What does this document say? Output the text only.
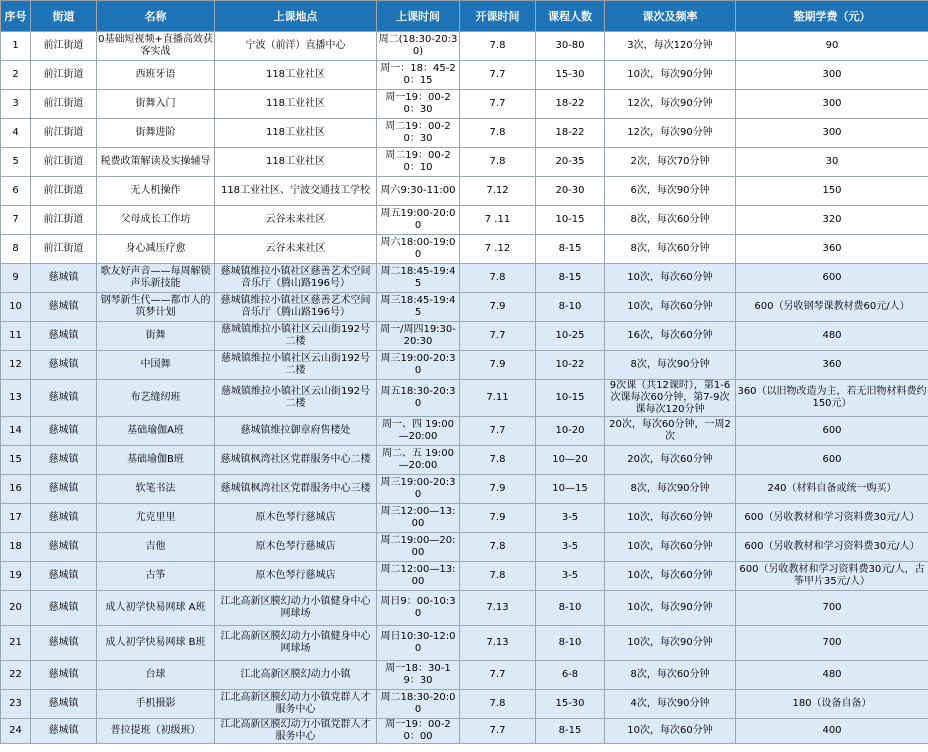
序号	街道	名称	上课地点	上课时间	开课时间	课程人数	课次及频率	整期学费（元）
1	前江街道	0基础短视频+直播高效获客实战	宁波（前洋）直播中心	周二(18:30-20:30)	7.8	30-80	3次，每次120分钟	90
2	前江街道	西班牙语	118工业社区	周一：18：45-20：15	7.7	15-30	10次，每次90分钟	300
3	前江街道	街舞入门	118工业社区	周一19：00-20：30	7.7	18-22	12次，每次90分钟	300
4	前江街道	街舞进阶	118工业社区	周二19：00-20：30	7.8	18-22	12次，每次90分钟	300
5	前江街道	税费政策解读及实操辅导	118工业社区	周二19：00-20：10	7.8	20-35	2次，每次70分钟	30
6	前江街道	无人机操作	118工业社区、宁波交通技工学校	周六9:30-11:00	7.12	20-30	6次，每次90分钟	150
7	前江街道	父母成长工作坊	云谷未来社区	周五19:00-20:00	7 .11	10-15	8次，每次60分钟	320
8	前江街道	身心减压疗愈	云谷未来社区	周六18:00-19:00	7 .12	8-15	8次，每次60分钟	360
9	慈城镇	歌友好声音——每周解锁声乐新技能	慈城镇维拉小镇社区慈善艺术空间音乐厅（腾山路196号）	周二18:45-19:45	7.8	8-15	10次，每次60分钟	600
10	慈城镇	钢琴新生代——都市人的筑梦计划	慈城镇维拉小镇社区慈善艺术空间音乐厅（腾山路196号）	周三18:45-19:45	7.9	8-10	10次，每次60分钟	600（另收钢琴课教材费60元/人）
11	慈城镇	街舞	慈城镇维拉小镇社区云山街192号二楼	周一/周四19:30-20:30	7.7	10-25	16次，每次60分钟	480
12	慈城镇	中国舞	慈城镇维拉小镇社区云山街192号二楼	周三19:00-20:30	7.9	10-22	8次，每次90分钟	360
13	慈城镇	布艺缝纫班	慈城镇维拉小镇社区云山街192号二楼	周五18:30-20:30	7.11	10-15	9次课（共12课时），第1-6次课每次60分钟，第7-9次课每次120分钟	360（以旧物改造为主，若无旧物材料费约150元）
14	慈城镇	基础瑜伽A班	慈城镇维拉御章府售楼处	周一、四 19:00—20:00	7.7	10-20	20次，每次60分钟，一周2次	600
15	慈城镇	基础瑜伽B班	慈城镇枫湾社区党群服务中心二楼	周二、五 19:00—20:00	7.8	10—20	20次，每次60分钟	600
16	慈城镇	软笔书法	慈城镇枫湾社区党群服务中心三楼	周三19:00-20:30	7.9	10—15	8次，每次90分钟	240（材料自备或统一购买）
17	慈城镇	尤克里里	原木色琴行慈城店	周三12:00—13:00	7.9	3-5	10次，每次60分钟	600（另收教材和学习资料费30元/人）
18	慈城镇	吉他	原木色琴行慈城店	周二19:00—20:00	7.8	3-5	10次，每次60分钟	600（另收教材和学习资料费30元/人）
19	慈城镇	古筝	原木色琴行慈城店	周二12:00—13:00	7.8	3-5	10次，每次60分钟	600（另收教材和学习资料费30元/人，古筝甲片35元/人）
20	慈城镇	成人初学快易网球 A班	江北高新区膜幻动力小镇健身中心网球场	周日9：00-10:30	7.13	8-10	10次，每次90分钟	700
21	慈城镇	成人初学快易网球 B班	江北高新区膜幻动力小镇健身中心网球场	周日10:30-12:00	7.13	8-10	10次，每次90分钟	700
22	慈城镇	台球	江北高新区膜幻动力小镇	周一18：30-19：30	7.7	6-8	8次，每次60分钟	480
23	慈城镇	手机摄影	江北高新区膜幻动力小镇党群人才服务中心	周二18:30-20:00	7.8	15-30	4次，每次90分钟	180（设备自备）
24	慈城镇	普拉提班（初级班）	江北高新区膜幻动力小镇党群人才服务中心	周一19：00-20：00	7.7	8-15	10次，每次60分钟	400
